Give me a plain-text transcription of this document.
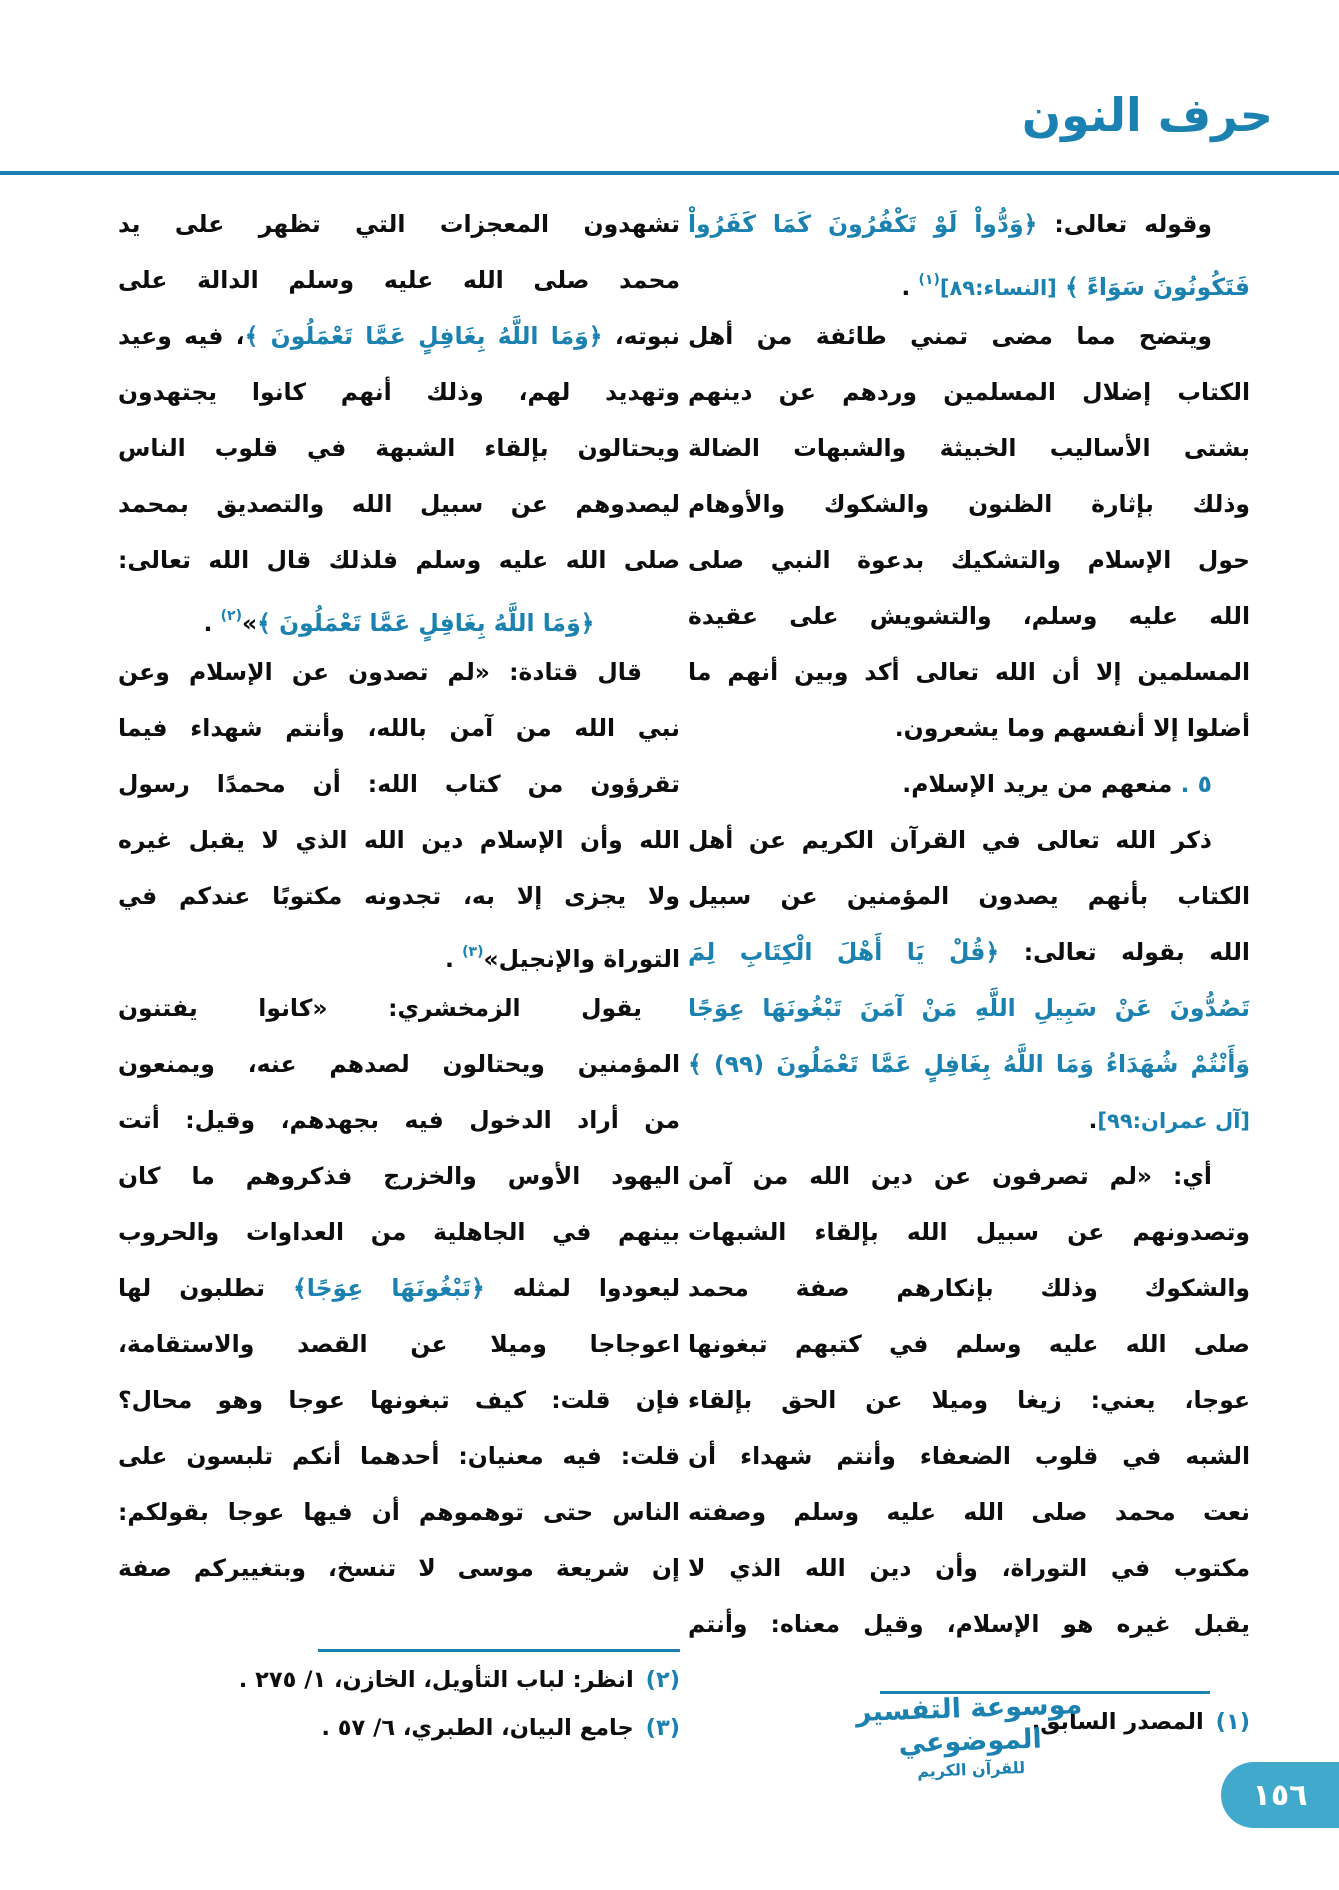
حرف النون
وقوله تعالى: ﴿وَدُّواْ لَوْ تَكْفُرُونَ كَمَا كَفَرُواْ
فَتَكُونُونَ سَوَاءً ﴾ [النساء:٨٩]$^{(١)}$ .
ويتضح مما مضى تمني طائفة من أهل
الكتاب إضلال المسلمين وردهم عن دينهم
بشتى الأساليب الخبيثة والشبهات الضالة
وذلك بإثارة الظنون والشكوك والأوهام
حول الإسلام والتشكيك بدعوة النبي صلى
الله عليه وسلم، والتشويش على عقيدة
المسلمين إلا أن الله تعالى أكد وبين أنهم ما
أضلوا إلا أنفسهم وما يشعرون.
٥ . منعهم من يريد الإسلام.
ذكر الله تعالى في القرآن الكريم عن أهل
الكتاب بأنهم يصدون المؤمنين عن سبيل
الله بقوله تعالى: ﴿قُلْ يَا أَهْلَ الْكِتَابِ لِمَ
تَصُدُّونَ عَنْ سَبِيلِ اللَّهِ مَنْ آمَنَ تَبْغُونَهَا عِوَجًا
وَأَنْتُمْ شُهَدَاءُ وَمَا اللَّهُ بِغَافِلٍ عَمَّا تَعْمَلُونَ (٩٩) ﴾
[آل عمران:٩٩].
أي: «لم تصرفون عن دين الله من آمن
وتصدونهم عن سبيل الله بإلقاء الشبهات
والشكوك وذلك بإنكارهم صفة محمد
صلى الله عليه وسلم في كتبهم تبغونها
عوجا، يعني: زيغا وميلا عن الحق بإلقاء
الشبه في قلوب الضعفاء وأنتم شهداء أن
نعت محمد صلى الله عليه وسلم وصفته
مكتوب في التوراة، وأن دين الله الذي لا
يقبل غيره هو الإسلام، وقيل معناه: وأنتم
تشهدون المعجزات التي تظهر على يد
محمد صلى الله عليه وسلم الدالة على
نبوته، ﴿وَمَا اللَّهُ بِغَافِلٍ عَمَّا تَعْمَلُونَ ﴾، فيه وعيد
وتهديد لهم، وذلك أنهم كانوا يجتهدون
ويحتالون بإلقاء الشبهة في قلوب الناس
ليصدوهم عن سبيل الله والتصديق بمحمد
صلى الله عليه وسلم فلذلك قال الله تعالى:
﴿وَمَا اللَّهُ بِغَافِلٍ عَمَّا تَعْمَلُونَ ﴾»$^{(٢)}$ .
قال قتادة: «لم تصدون عن الإسلام وعن
نبي الله من آمن بالله، وأنتم شهداء فيما
تقرؤون من كتاب الله: أن محمدًا رسول
الله وأن الإسلام دين الله الذي لا يقبل غيره
ولا يجزى إلا به، تجدونه مكتوبًا عندكم في
التوراة والإنجيل»$^{(٣)}$ .
يقول الزمخشري: «كانوا يفتنون
المؤمنين ويحتالون لصدهم عنه، ويمنعون
من أراد الدخول فيه بجهدهم، وقيل: أتت
اليهود الأوس والخزرج فذكروهم ما كان
بينهم في الجاهلية من العداوات والحروب
ليعودوا لمثله ﴿تَبْغُونَهَا عِوَجًا﴾ تطلبون لها
اعوجاجا وميلا عن القصد والاستقامة،
فإن قلت: كيف تبغونها عوجا وهو محال؟
قلت: فيه معنيان: أحدهما أنكم تلبسون على
الناس حتى توهموهم أن فيها عوجا بقولكم:
إن شريعة موسى لا تنسخ، وبتغييركم صفة
(٢)انظر: لباب التأويل، الخازن، ١/ ٢٧٥ .
(٣)جامع البيان، الطبري، ٦/ ٥٧ .	(١)المصدر السابق.
موسوعة التفسير الموضوعي
للقرآن الكريم
١٥٦
